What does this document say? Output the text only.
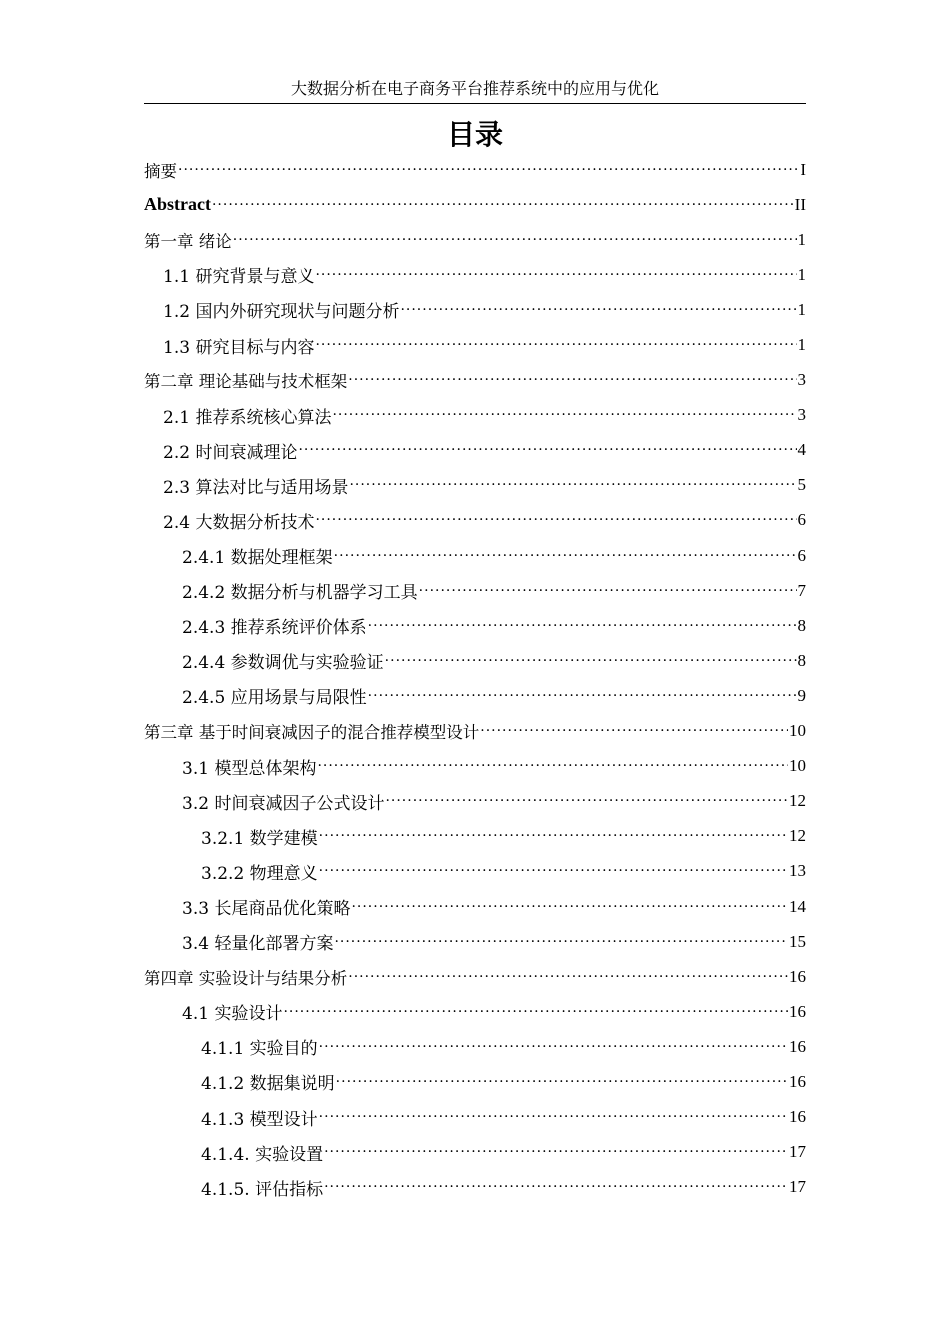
大数据分析在电子商务平台推荐系统中的应用与优化
目录
摘要 ·····	I
Abstract ·····	II
第一章 绪论 ·····	1
1.1 研究背景与意义 ·····	1
1.2 国内外研究现状与问题分析 ·····	1
1.3 研究目标与内容 ·····	1
第二章 理论基础与技术框架 ·····	3
2.1 推荐系统核心算法 ·····	3
2.2 时间衰减理论 ·····	4
2.3 算法对比与适用场景 ·····	5
2.4 大数据分析技术 ·····	6
2.4.1 数据处理框架 ·····	6
2.4.2 数据分析与机器学习工具 ·····	7
2.4.3 推荐系统评价体系 ·····	8
2.4.4 参数调优与实验验证 ·····	8
2.4.5 应用场景与局限性 ·····	9
第三章 基于时间衰减因子的混合推荐模型设计 ·····	10
3.1 模型总体架构 ·····	10
3.2 时间衰减因子公式设计 ·····	12
3.2.1 数学建模 ·····	12
3.2.2 物理意义 ·····	13
3.3 长尾商品优化策略 ·····	14
3.4 轻量化部署方案 ·····	15
第四章 实验设计与结果分析 ·····	16
4.1 实验设计 ·····	16
4.1.1 实验目的 ·····	16
4.1.2 数据集说明 ·····	16
4.1.3 模型设计 ·····	16
4.1.4. 实验设置 ·····	17
4.1.5. 评估指标 ·····	17
